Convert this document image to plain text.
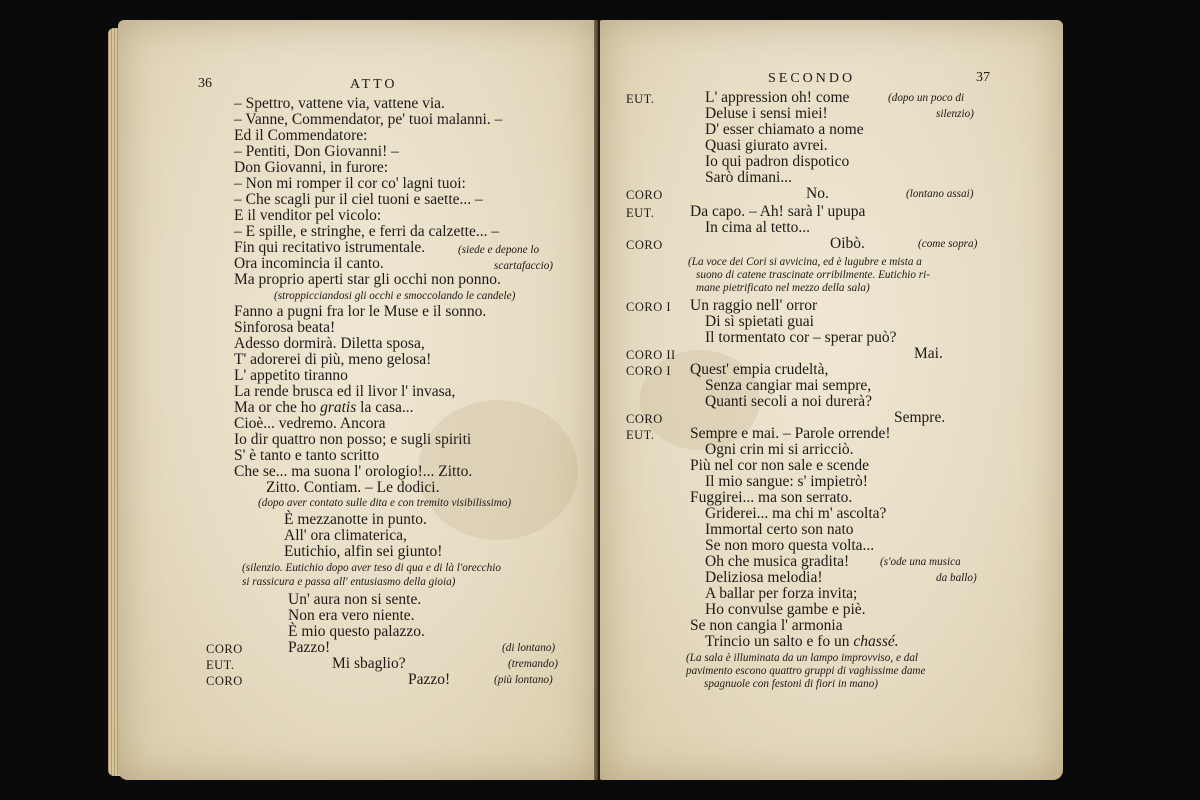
36	ATTO
– Spettro, vattene via, vattene via.
– Vanne, Commendator, pe' tuoi malanni. –
Ed il Commendatore:
– Pentiti, Don Giovanni! –
Don Giovanni, in furore:
– Non mi romper il cor co' lagni tuoi:
– Che scagli pur il ciel tuoni e saette... –
E il venditor pel vicolo:
– E spille, e stringhe, e ferri da calzette... –
Fin qui recitativo istrumentale.	(siede e depone lo
Ora incomincia il canto.	scartafaccio)
Ma proprio aperti star gli occhi non ponno.
(stroppicciandosi gli occhi e smoccolando le candele)
Fanno a pugni fra lor le Muse e il sonno.
Sinforosa beata!
Adesso dormirà. Diletta sposa,
T' adorerei di più, meno gelosa!
L' appetito tiranno
La rende brusca ed il livor l' invasa,
Ma or che ho gratis la casa...
Cioè... vedremo. Ancora
Io dir quattro non posso; e sugli spiriti
S' è tanto e tanto scritto
Che se... ma suona l' orologio!... Zitto.
Zitto. Contiam. – Le dodici.
(dopo aver contato sulle dita e con tremito visibilissimo)
È mezzanotte in punto.
All' ora climaterica,
Eutichio, alfin sei giunto!
(silenzio. Eutichio dopo aver teso di qua e di là l'orecchio
si rassicura e passa all' entusiasmo della gioia)
Un' aura non si sente.
Non era vero niente.
È mio questo palazzo.
CORO	Pazzo!	(di lontano)
EUT.	Mi sbaglio?	(tremando)
CORO	Pazzo!	(più lontano)
SECONDO	37
EUT.	L' appression oh! come	(dopo un poco di
Deluse i sensi miei!	silenzio)
D' esser chiamato a nome
Quasi giurato avrei.
Io qui padron dispotico
Sarò dimani...
CORO	No.	(lontano assai)
EUT. Da capo. – Ah! sarà l' upupa
In cima al tetto...
CORO	Oibò.	(come sopra)
(La voce dei Cori si avvicina, ed è lugubre e mista a
suono di catene trascinate orribilmente. Eutichio ri-
mane pietrificato nel mezzo della sala)
CORO I Un raggio nell' orror
Di sì spietati guai
Il tormentato cor – sperar può?
CORO II	Mai.
CORO I Quest' empia crudeltà,
Senza cangiar mai sempre,
Quanti secoli a noi durerà?
CORO	Sempre.
EUT. Sempre e mai. – Parole orrende!
Ogni crin mi si arricciò.
Più nel cor non sale e scende
Il mio sangue: s' impietrò!
Fuggirei... ma son serrato.
Griderei... ma chi m' ascolta?
Immortal certo son nato
Se non moro questa volta...
Oh che musica gradita!	(s'ode una musica
Deliziosa melodia!	da ballo)
A ballar per forza invita;
Ho convulse gambe e piè.
Se non cangia l' armonia
Trincio un salto e fo un chassé.
(La sala è illuminata da un lampo improvviso, e dal
pavimento escono quattro gruppi di vaghissime dame
spagnuole con festoni di fiori in mano)
